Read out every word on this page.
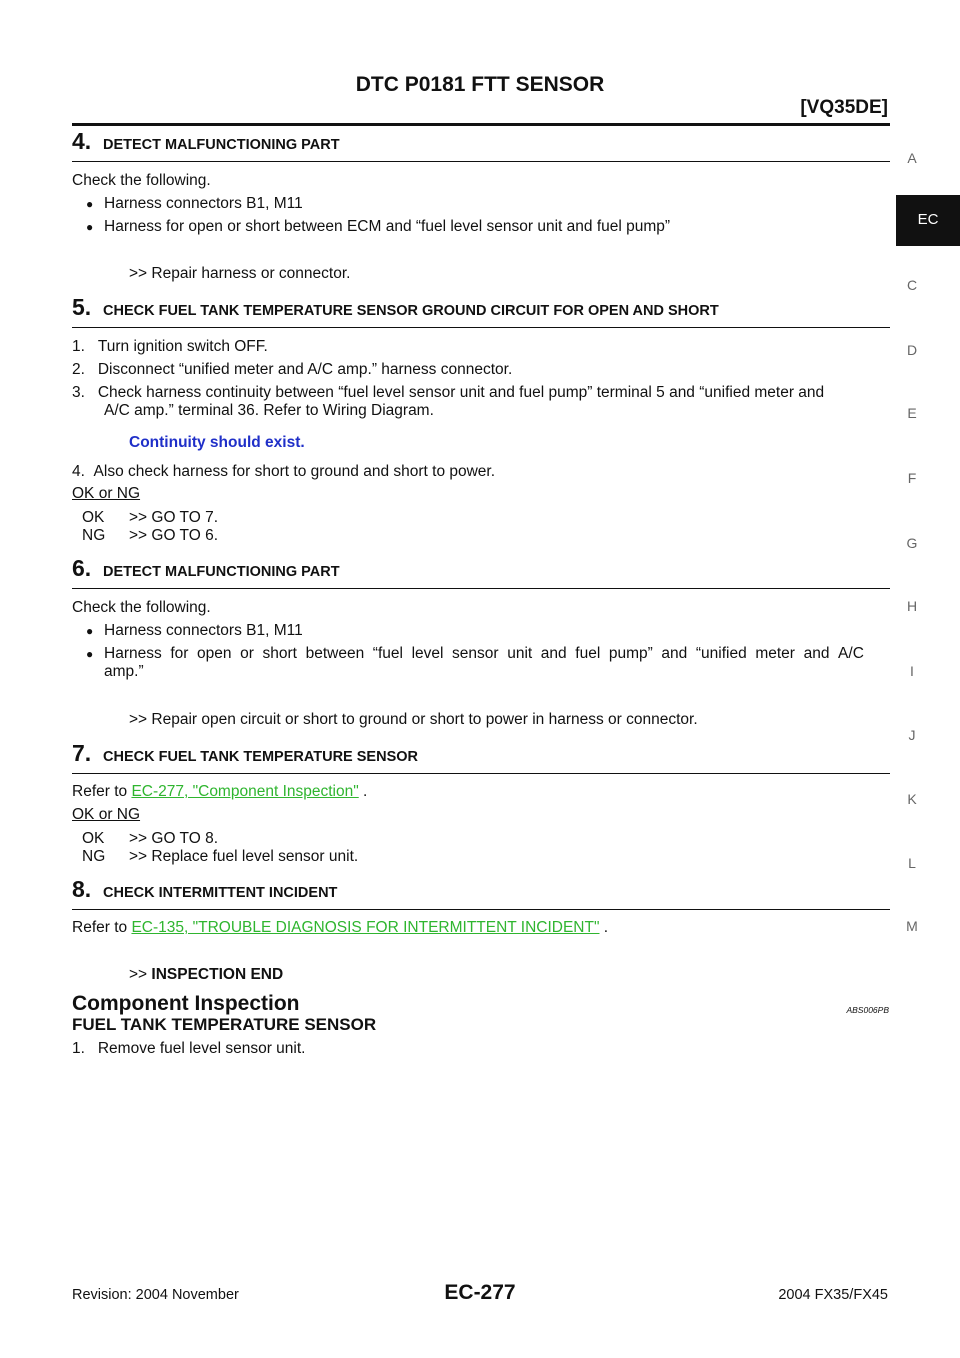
DTC P0181 FTT SENSOR
[VQ35DE]
A
EC
C
D
E
F
G
H
I
J
K
L
M
4. DETECT MALFUNCTIONING PART
Check the following.
● Harness connectors B1, M11
● Harness for open or short between ECM and “fuel level sensor unit and fuel pump”
>> Repair harness or connector.
5. CHECK FUEL TANK TEMPERATURE SENSOR GROUND CIRCUIT FOR OPEN AND SHORT
1.   Turn ignition switch OFF.
2.   Disconnect “unified meter and A/C amp.” harness connector.
3.   Check harness continuity between “fuel level sensor unit and fuel pump” terminal 5 and “unified meter and
A/C amp.” terminal 36. Refer to Wiring Diagram.
Continuity should exist.
4.  Also check harness for short to ground and short to power.
OK or NG
OK >> GO TO 7.
NG >> GO TO 6.
6. DETECT MALFUNCTIONING PART
Check the following.
● Harness connectors B1, M11
● Harness  for  open  or  short  between  “fuel  level  sensor  unit  and  fuel  pump”  and  “unified  meter  and  A/C
amp.”
>> Repair open circuit or short to ground or short to power in harness or connector.
7. CHECK FUEL TANK TEMPERATURE SENSOR
Refer to EC-277, "Component Inspection" .
OK or NG
OK >> GO TO 8.
NG >> Replace fuel level sensor unit.
8. CHECK INTERMITTENT INCIDENT
Refer to EC-135, "TROUBLE DIAGNOSIS FOR INTERMITTENT INCIDENT" .
>> INSPECTION END
Component Inspection	ABS006PB
FUEL TANK TEMPERATURE SENSOR
1.   Remove fuel level sensor unit.
Revision: 2004 November	EC-277	2004 FX35/FX45
